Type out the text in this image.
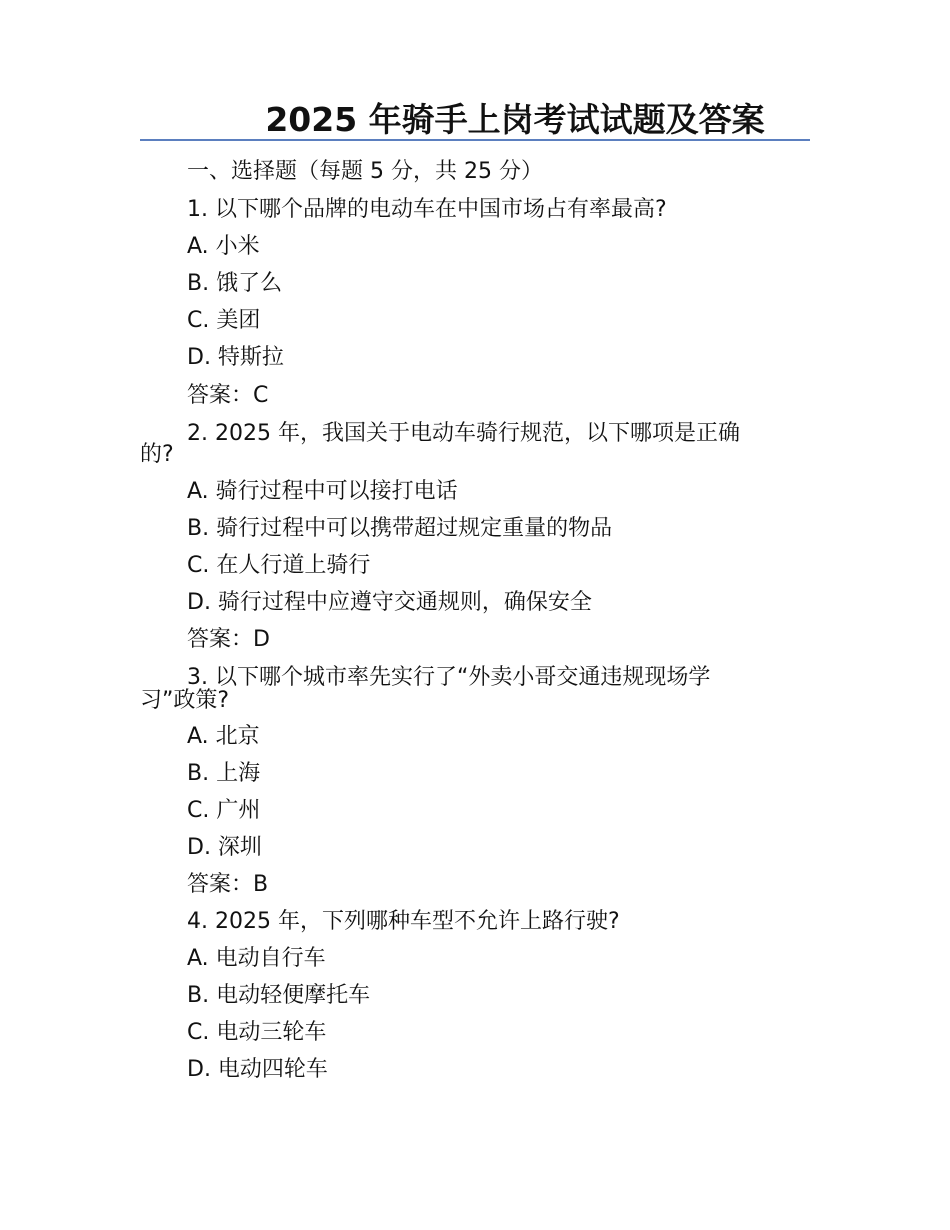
2025 年骑手上岗考试试题及答案
一、选择题（每题 5 分，共 25 分）
1. 以下哪个品牌的电动车在中国市场占有率最高?
A. 小米
B. 饿了么
C. 美团
D. 特斯拉
答案：C
2. 2025 年，我国关于电动车骑行规范，以下哪项是正确
的?
A. 骑行过程中可以接打电话
B. 骑行过程中可以携带超过规定重量的物品
C. 在人行道上骑行
D. 骑行过程中应遵守交通规则，确保安全
答案：D
3. 以下哪个城市率先实行了“外卖小哥交通违规现场学
习”政策?
A. 北京
B. 上海
C. 广州
D. 深圳
答案：B
4. 2025 年，下列哪种车型不允许上路行驶?
A. 电动自行车
B. 电动轻便摩托车
C. 电动三轮车
D. 电动四轮车
